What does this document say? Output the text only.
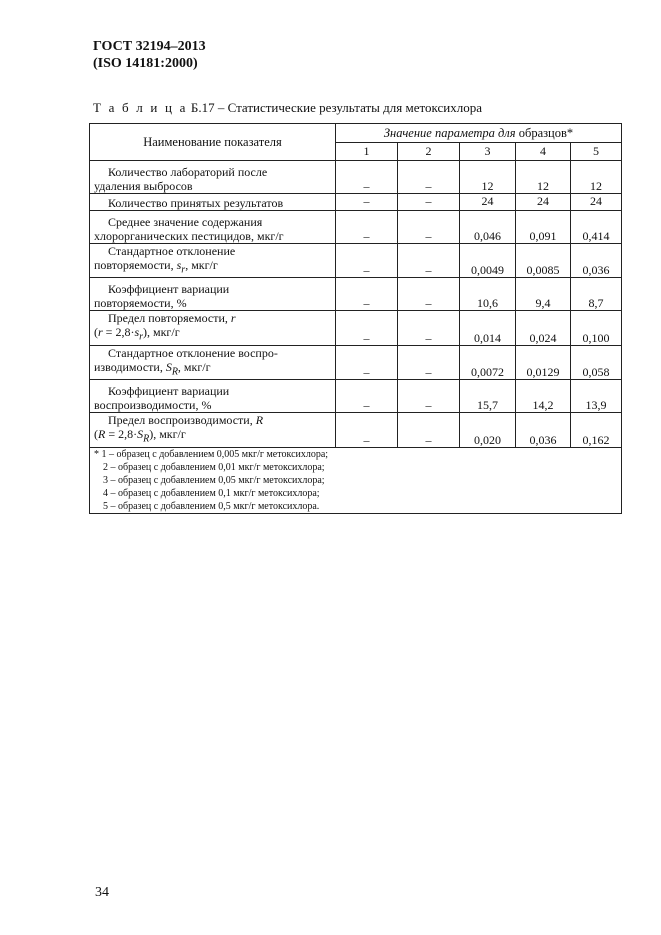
ГОСТ 32194–2013
(ISO 14181:2000)
Т а б л и ц а Б.17 – Статистические результаты для метоксихлора
Наименование показателя	Значение параметра для образцов*				
	1	2	3	4	5
Количество лабораторий после
удаления выбросов	–	–	12	12	12
Количество принятых результатов	–	–	24	24	24
Среднее значение содержания
хлорорганических пестицидов, мкг/г	–	–	0,046	0,091	0,414
Стандартное отклонение
повторяемости, $s_r$, мкг/г	–	–	0,0049	0,0085	0,036
Коэффициент вариации
повторяемости, %	–	–	10,6	9,4	8,7
Предел повторяемости, r
$(r = 2,8\cdot s_r)$, мкг/г	–	–	0,014	0,024	0,100
Стандартное отклонение воспро-
изводимости, $S_R$, мкг/г	–	–	0,0072	0,0129	0,058
Коэффициент вариации
воспроизводимости, %	–	–	15,7	14,2	13,9
Предел воспроизводимости, R
$(R = 2,8\cdot S_R)$, мкг/г	–	–	0,020	0,036	0,162

* 1 – образец с добавлением 0,005 мкг/г метоксихлора;
2 – образец с добавлением 0,01 мкг/г метоксихлора;
3 – образец с добавлением 0,05 мкг/г метоксихлора;
4 – образец с добавлением 0,1 мкг/г метоксихлора;
5 – образец с добавлением 0,5 мкг/г метоксихлора.					
34
